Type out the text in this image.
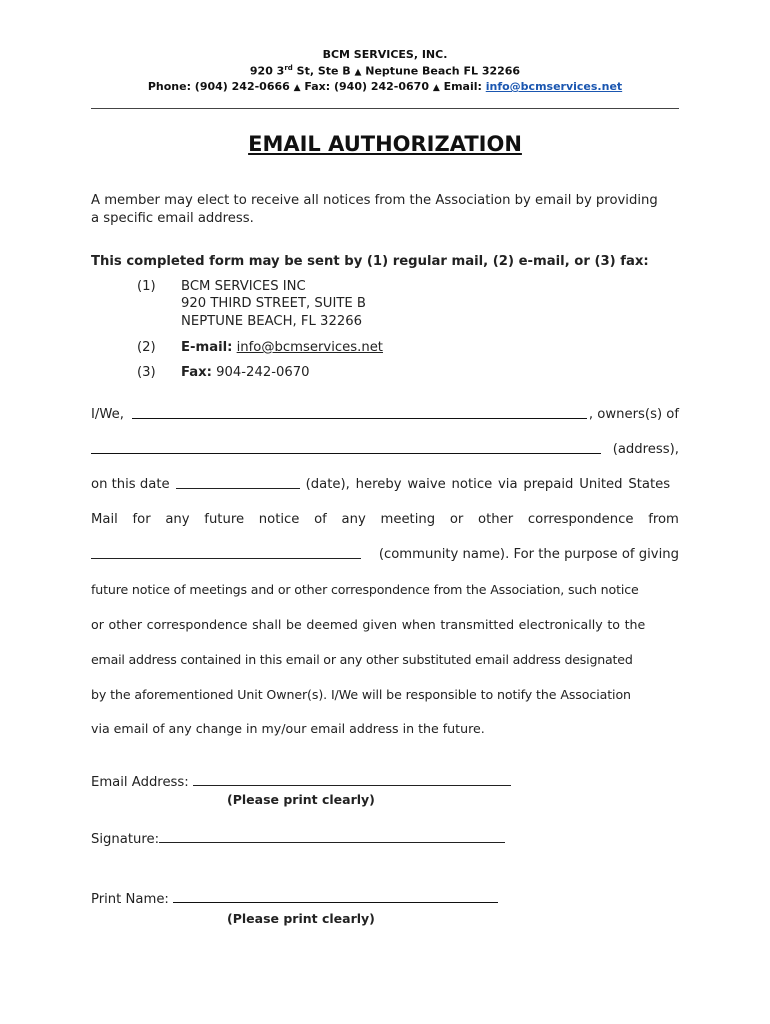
BCM SERVICES, INC.
920 3rd St, Ste B ▲ Neptune Beach FL 32266
Phone: (904) 242-0666 ▲ Fax: (940) 242-0670 ▲ Email: info@bcmservices.net
EMAIL AUTHORIZATION
A member may elect to receive all notices from the Association by email by providing
a specific email address.
This completed form may be sent by (1) regular mail, (2) e-mail, or (3) fax:
(1) BCM SERVICES INC
920 THIRD STREET, SUITE B
NEPTUNE BEACH, FL 32266
(2) E-mail: info@bcmservices.net
(3) Fax: 904-242-0670
I/We,	, owners(s) of
(address),
on this date	(date), hereby waive notice via prepaid United States
Mail for any future notice of any meeting or other correspondence from
(community name). For the purpose of giving
future notice of meetings and or other correspondence from the Association, such notice
or other correspondence shall be deemed given when transmitted electronically to the
email address contained in this email or any other substituted email address designated
by the aforementioned Unit Owner(s). I/We will be responsible to notify the Association
via email of any change in my/our email address in the future.
Email Address:
(Please print clearly)
Signature:
Print Name:
(Please print clearly)
